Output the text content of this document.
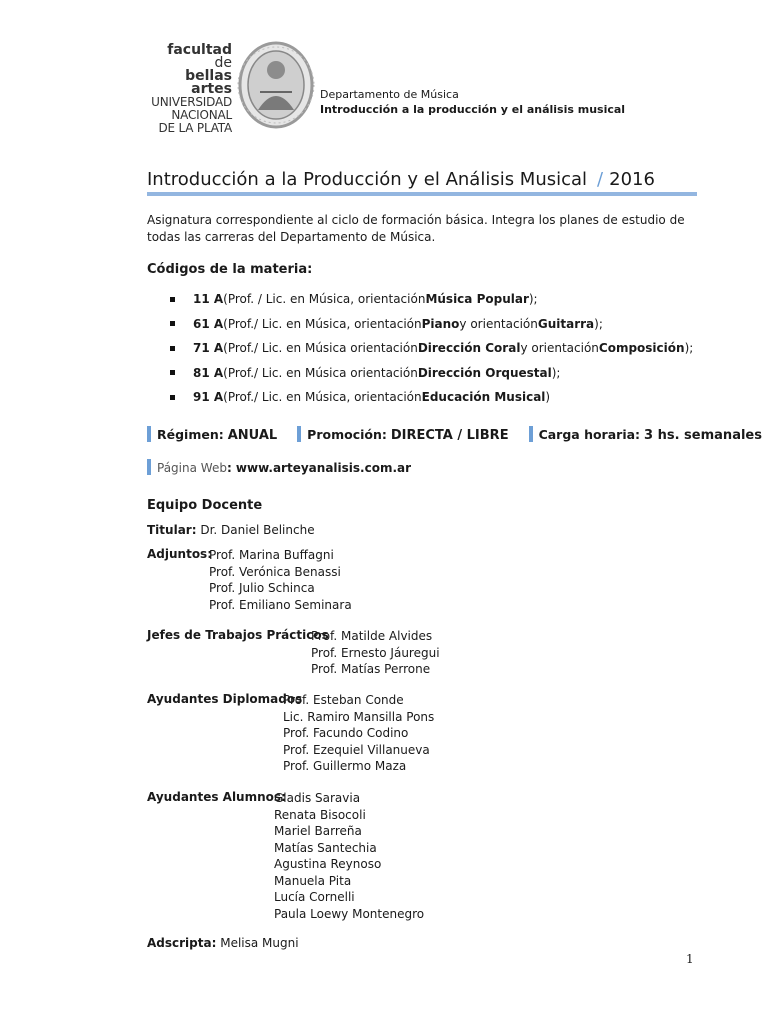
facultad de
bellas artes
UNIVERSIDAD
NACIONAL
DE LA PLATA
Departamento de Música
Introducción a la producción y el análisis musical
Introducción a la Producción y el Análisis Musical / 2016
Asignatura correspondiente al ciclo de formación básica. Integra los planes de estudio de todas las carreras del Departamento de Música.
Códigos de la materia:
11 A (Prof. / Lic. en Música, orientación Música Popular );
61 A (Prof./ Lic. en Música, orientación Piano y orientación Guitarra );
71 A (Prof./ Lic. en Música orientación Dirección Coral y orientación Composición );
81 A (Prof./ Lic. en Música orientación Dirección Orquestal );
91 A (Prof./ Lic. en Música, orientación Educación Musical )
Régimen: ANUAL Promoción: DIRECTA / LIBRE Carga horaria: 3 hs. semanales
Página Web: www.arteyanalisis.com.ar
Equipo Docente
Titular: Dr. Daniel Belinche
Adjuntos:
Prof. Marina Buffagni
Prof. Verónica Benassi
Prof. Julio Schinca
Prof. Emiliano Seminara
Jefes de Trabajos Prácticos
Prof. Matilde Alvides
Prof. Ernesto Jáuregui
Prof. Matías Perrone
Ayudantes Diplomados
Prof. Esteban Conde
Lic. Ramiro Mansilla Pons
Prof. Facundo Codino
Prof. Ezequiel Villanueva
Prof. Guillermo Maza
Ayudantes Alumnos:
Gladis Saravia
Renata Bisocoli
Mariel Barreña
Matías Santechia
Agustina Reynoso
Manuela Pita
Lucía Cornelli
Paula Loewy Montenegro
Adscripta: Melisa Mugni
1
